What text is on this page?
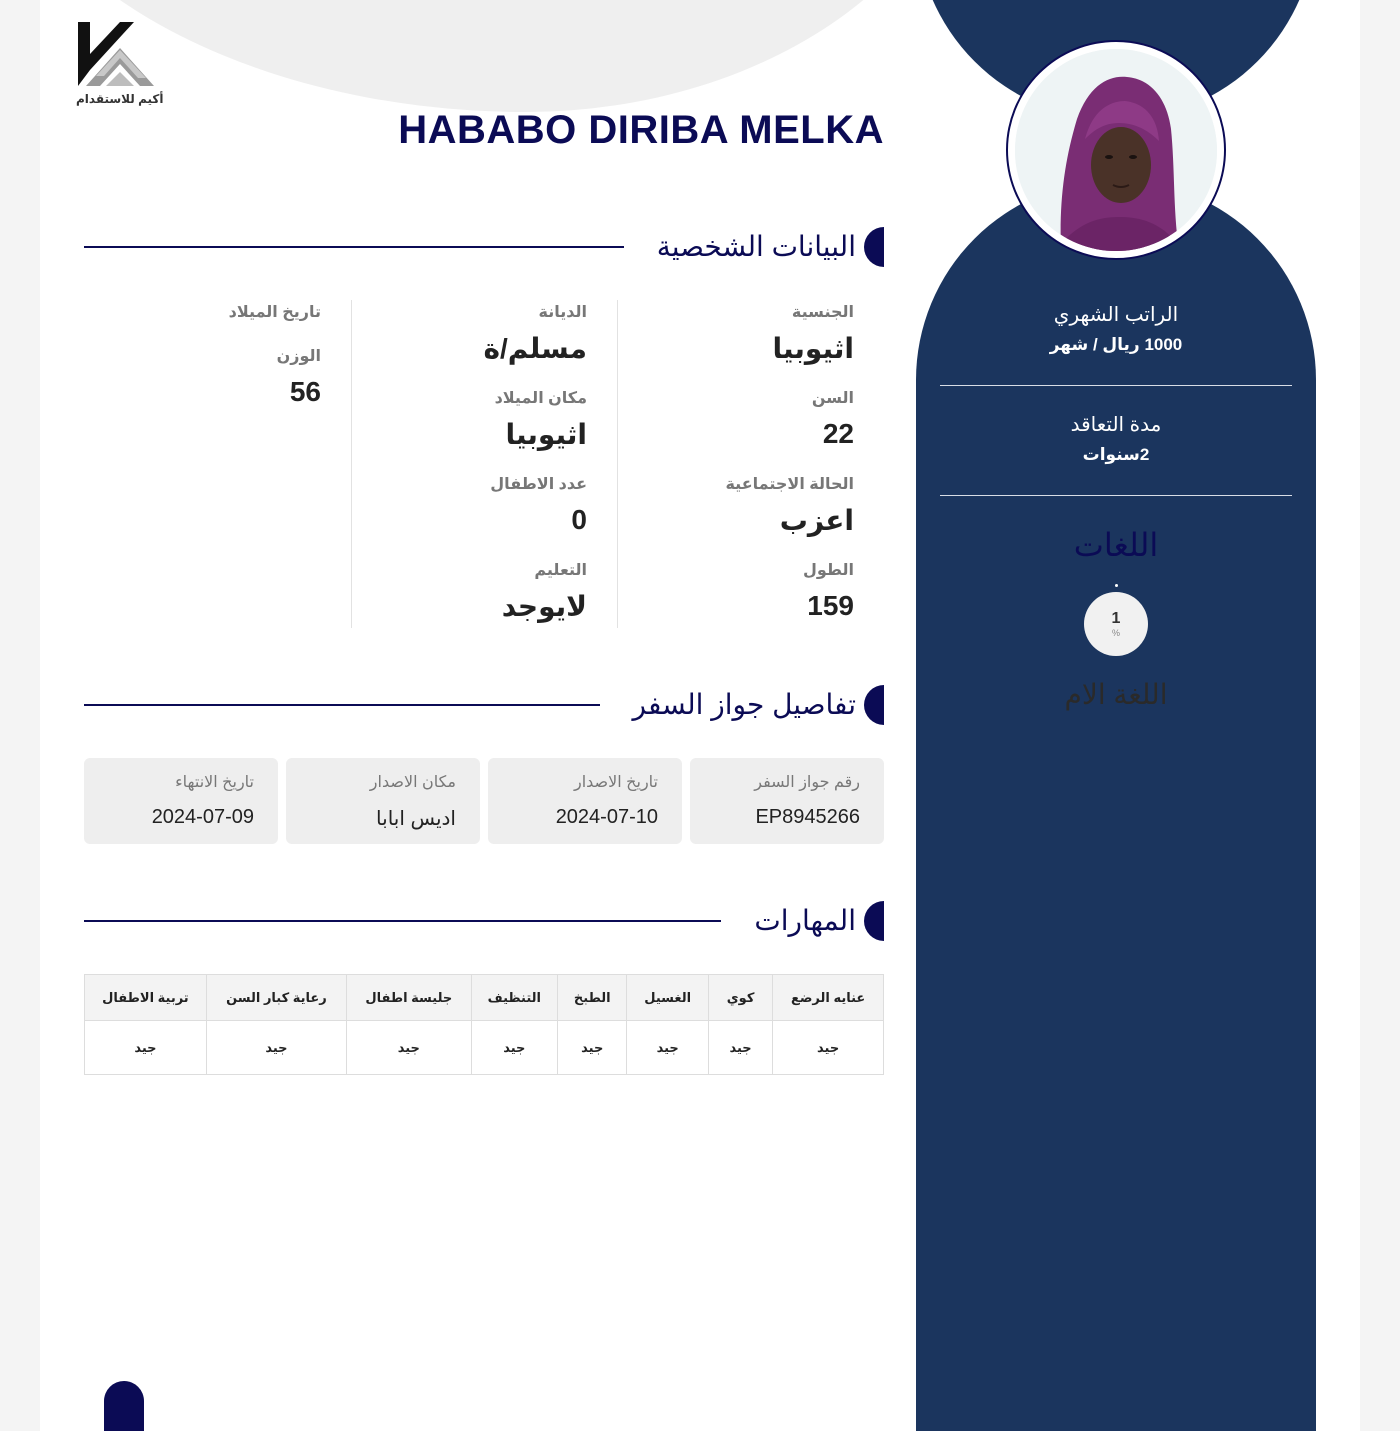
أكيم للاستقدام
HABABO DIRIBA MELKA
البيانات الشخصية
الجنسية
اثيوبيا
السن
22
الحالة الاجتماعية
اعزب
الطول
159
الديانة
مسلم/ة
مكان الميلاد
اثيوبيا
عدد الاطفال
0
التعليم
لايوجد
تاريخ الميلاد
الوزن
56
تفاصيل جواز السفر
رقم جواز السفر
EP8945266
تاريخ الاصدار
2024-07-10
مكان الاصدار
اديس ابابا
تاريخ الانتهاء
2024-07-09
المهارات
عنايه الرضع	كوي	الغسيل	الطبخ	التنظيف	جليسة اطفال	رعاية كبار السن	تربية الاطفال
جيد	جيد	جيد	جيد	جيد	جيد	جيد	جيد
الراتب الشهري
1000 ريال / شهر
مدة التعاقد
2سنوات
اللغات
1
%
اللغة الام
